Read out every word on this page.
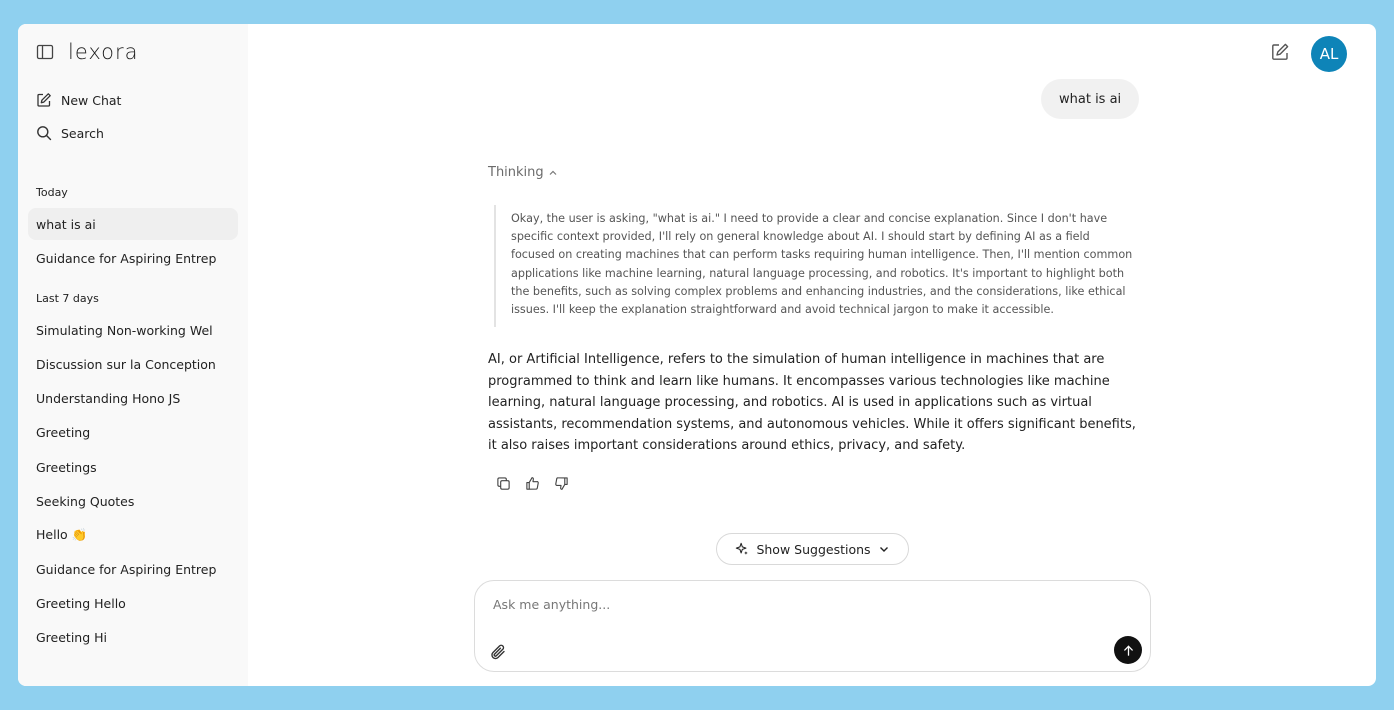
lexora
New Chat
Search
Today
what is ai
Guidance for Aspiring Entrep
Last 7 days
Simulating Non-working Wel
Discussion sur la Conception
Understanding Hono JS
Greeting
Greetings
Seeking Quotes
Hello 👏
Guidance for Aspiring Entrep
Greeting Hello
Greeting Hi
AL
what is ai
Thinking
Okay, the user is asking, "what is ai." I need to provide a clear and concise explanation. Since I don't have specific context provided, I'll rely on general knowledge about AI. I should start by defining AI as a field focused on creating machines that can perform tasks requiring human intelligence. Then, I'll mention common applications like machine learning, natural language processing, and robotics. It's important to highlight both the benefits, such as solving complex problems and enhancing industries, and the considerations, like ethical issues. I'll keep the explanation straightforward and avoid technical jargon to make it accessible.
AI, or Artificial Intelligence, refers to the simulation of human intelligence in machines that are programmed to think and learn like humans. It encompasses various technologies like machine learning, natural language processing, and robotics. AI is used in applications such as virtual assistants, recommendation systems, and autonomous vehicles. While it offers significant benefits, it also raises important considerations around ethics, privacy, and safety.
Show Suggestions
Ask me anything...
